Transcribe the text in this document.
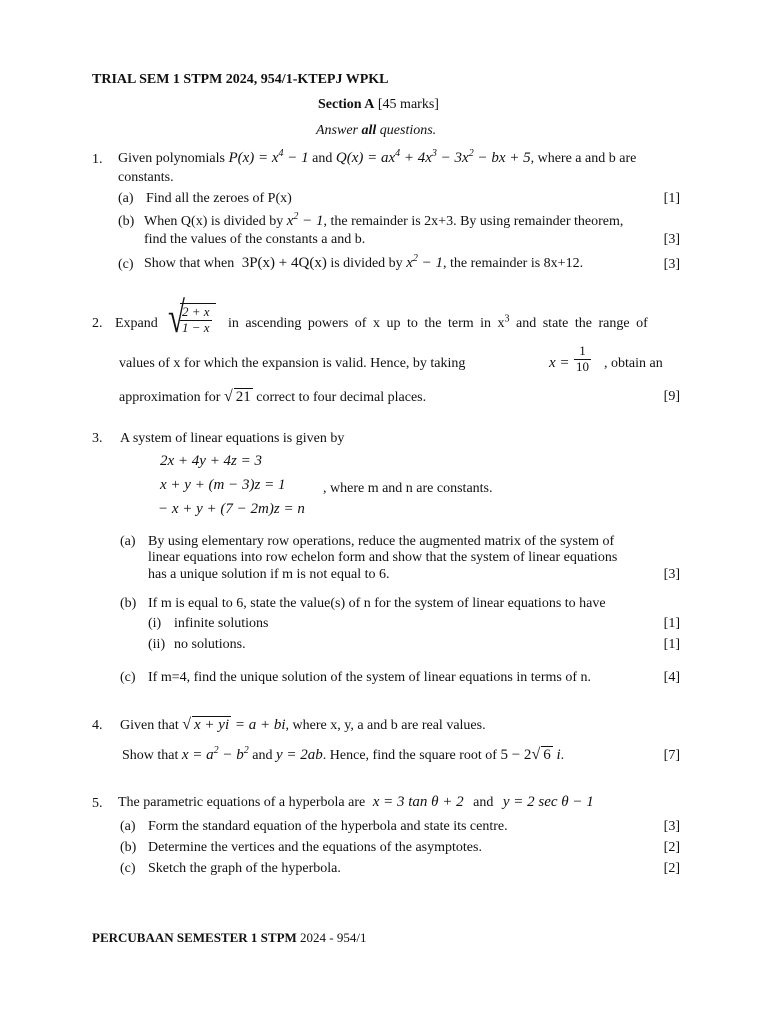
TRIAL SEM 1 STPM 2024, 954/1-KTEPJ WPKL
Section A [45 marks]
Answer all questions.
1. Given polynomials $P(x) = x^4 - 1$ and $Q(x) = ax^4 + 4x^3 - 3x^2$ − bx + 5, where a and b are
constants.
(a) Find all the zeroes of P(x)	[1]
(b) When Q(x) is divided by $x^2 - 1$, the remainder is 2x+3. By using remainder theorem,
find the values of the constants a and b.	[3]
(c) Show that when 3P(x) + 4Q(x) is divided by $x^2 - 1$, the remainder is 8x+12.	[3]
2. Expand √
$\frac{2 + x}{1 - x}$ in ascending powers of x up to the term in $x^3$ and state the range of
values of x for which the expansion is valid. Hence, by taking	$x = \frac{1}{10}$ , obtain an
approximation for √ 21 correct to four decimal places.	[9]
3. A system of linear equations is given by
2x + 4y + 4z = 3
x + y + (m − 3)z = 1
− x + y + (7 − 2m)z = n
, where m and n are constants.
(a) By using elementary row operations, reduce the augmented matrix of the system of
linear equations into row echelon form and show that the system of linear equations
has a unique solution if m is not equal to 6.	[3]
(b) If m is equal to 6, state the value(s) of n for the system of linear equations to have
(i) infinite solutions	[1]
(ii) no solutions.	[1]
(c) If m=4, find the unique solution of the system of linear equations in terms of n.	[4]
4. Given that √ x + yi = a + bi, where x, y, a and b are real values.
Show that $x = a^2 - b^2$ and y = 2ab. Hence, find the square root of 5 − 2√ 6 i.	[7]
5. The parametric equations of a hyperbola are x = 3 tan θ + 2 and y = 2 sec θ − 1
(a) Form the standard equation of the hyperbola and state its centre.	[3]
(b) Determine the vertices and the equations of the asymptotes.	[2]
(c) Sketch the graph of the hyperbola.	[2]
PERCUBAAN SEMESTER 1 STPM 2024 - 954/1
